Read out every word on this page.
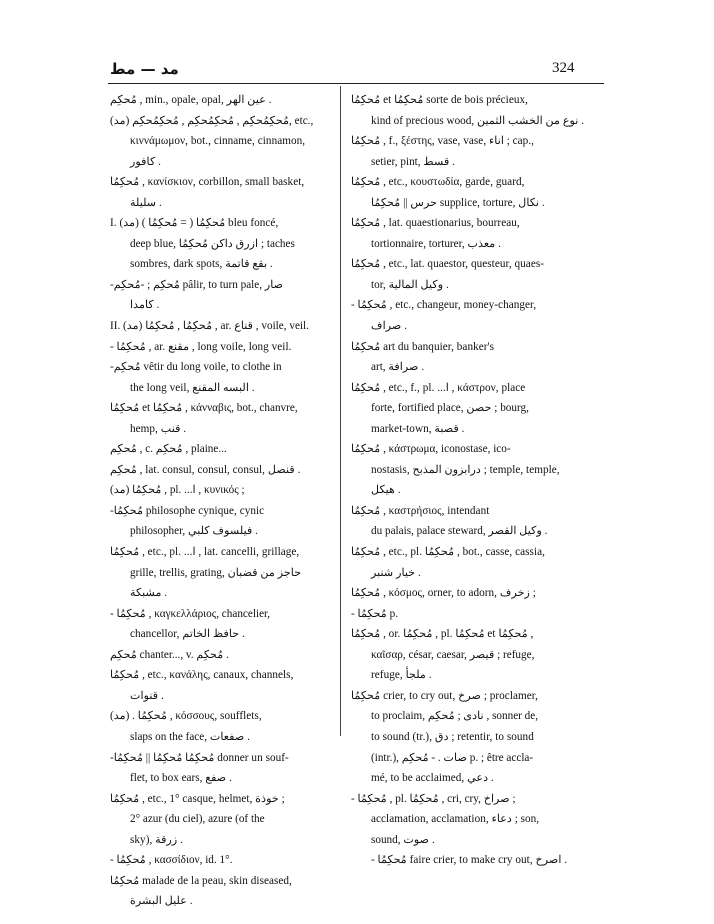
مد — مط	324
مُحكِم , min., opale, opal, عين الهر .
(مد) مُحكِمُحكِم , مُحكِمُحكِم , مُحكِمُحكِم, etc.,
κιννάμωμον, bot., cinname, cinnamon,
كافور .
مُحكِمُا , κανίσκιον, corbillon, small basket,
سليلة .
I. (مد) مُحكِمُا ( = مُحكِمُا ) bleu foncé,
deep blue, ازرق داكن مُحكِمُا ; taches
sombres, dark spots, بقع قاتمة .
-مُحكِم ; -مُحكِم pâlir, to turn pale, صار
كامدا .
II. (مد) مُحكِمُا , مُحكِمُا , ar. قناع , voile, veil.
- مُحكِمُا , ar. مقنع , long voile, long veil.
-مُحكِم vêtir du long voile, to clothe in
the long veil, البسه المقنع .
مُحكِمُا et مُحكِمُا , κάνναβις, bot., chanvre,
hemp, قنب .
مُحكِم , c. مُحكِم , plaine...
مُحكِم , lat. consul, consul, consul, قنصل .
(مد) مُحكِمُا , pl. ...ا , κυνικός ;
-مُحكِمُا philosophe cynique, cynic
philosopher, فيلسوف كلبي .
مُحكِمُا , etc., pl. ...ا , lat. cancelli, grillage,
grille, trellis, grating, حاجز من قضبان
مشبكة .
- مُحكِمُا , καγκελλάριος, chancelier,
chancellor, حافظ الخاتم .
مُحكِم chanter..., v. مُحكِم .
مُحكِمُا , etc., κανάλης, canaux, channels,
قنوات .
(مد) . مُحكِمُا , κόσσους, soufflets,
slaps on the face, صفعات .
-مُحكِمُا مُحكِمُا || مُحكِمُا donner un souf-
flet, to box ears, صفع .
مُحكِمُا , etc., 1° casque, helmet, خوذة ;
2° azur (du ciel), azure (of the
sky), زرقة .
- مُحكِمُا , κασσίδιον, id. 1°.
مُحكِمُا malade de la peau, skin diseased,
عليل البشرة .
مُحكِمُا et مُحكِمُا sorte de bois précieux,
kind of precious wood, نوع من الخشب الثمين .
مُحكِمُا , f., ξέστης, vase, vase, اناء ; cap.,
setier, pint, قسط .
مُحكِمُا , etc., κουστωδία, garde, guard,
حرس || مُحكِمُا supplice, torture, نكال .
مُحكِمُا , lat. quaestionarius, bourreau,
tortionnaire, torturer, معذب .
مُحكِمُا , etc., lat. quaestor, questeur, quaes-
tor, وكيل المالية .
- مُحكِمُا , etc., changeur, money-changer,
صراف .
مُحكِمُا art du banquier, banker's
art, صرافة .
مُحكِمُا , etc., f., pl. ...ا , κάστρον, place
forte, fortified place, حصن ; bourg,
market-town, قصبة .
مُحكِمُا , κάστρωμα, iconostase, ico-
nostasis, درابزون المذبح ; temple, temple,
هيكل .
مُحكِمُا , καστρήσιος, intendant
du palais, palace steward, وكيل القصر .
مُحكِمُا , etc., pl. مُحكِمُا , bot., casse, cassia,
خيار شنبر .
مُحكِمُا , κόσμος, orner, to adorn, زخرف ;
- مُحكِمُا p.
مُحكِمُا , or. مُحكِمُا , pl. مُحكِمُا et مُحكِمُا ,
καῖσαρ, césar, caesar, قيصر ; refuge,
refuge, ملجأ .
مُحكِمُا crier, to cry out, صرخ ; proclamer,
to proclaim, نادى ; مُحكِم , sonner de,
to sound (tr.), دق ; retentir, to sound
(intr.), صات . - مُحكِم p. ; être accla-
mé, to be acclaimed, دعي .
- مُحكِمُا , pl. مُحكِمُا , cri, cry, صراخ ;
acclamation, acclamation, دعاء ; son,
sound, صوت .
- مُحكِمُا faire crier, to make cry out, اصرخ .
